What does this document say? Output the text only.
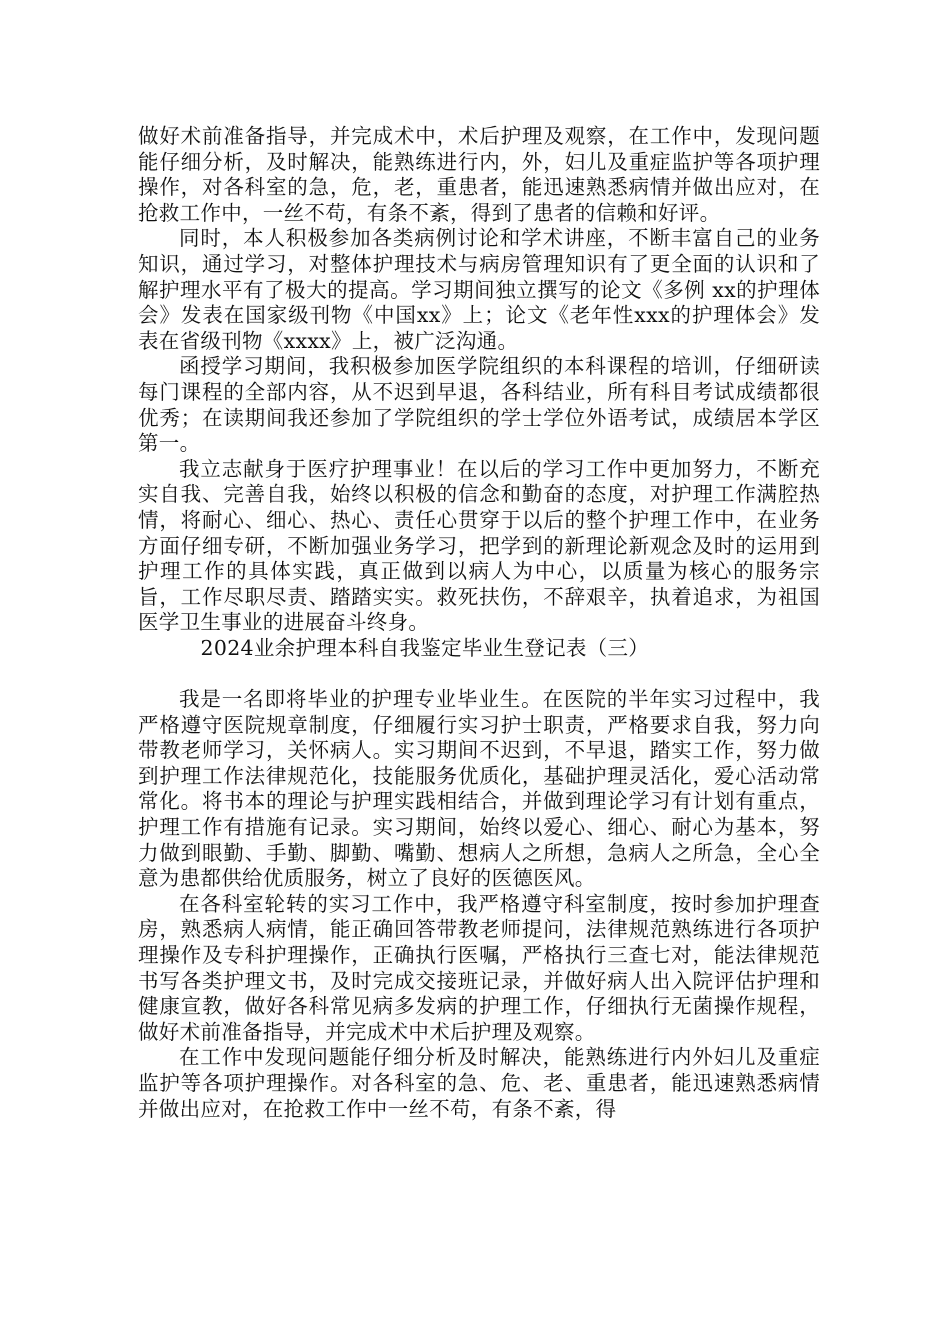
做好术前准备指导，并完成术中，术后护理及观察，在工作中，发现问题能仔细分析，及时解决，能熟练进行内，外，妇儿及重症监护等各项护理操作，对各科室的急，危，老，重患者，能迅速熟悉病情并做出应对，在抢救工作中，一丝不苟，有条不紊，得到了患者的信赖和好评。

同时，本人积极参加各类病例讨论和学术讲座，不断丰富自己的业务知识，通过学习，对整体护理技术与病房管理知识有了更全面的认识和了解护理水平有了极大的提高。学习期间独立撰写的论文《多例 xx的护理体会》发表在国家级刊物《中国xx》上；论文《老年性xxx的护理体会》发表在省级刊物《xxxx》上，被广泛沟通。

函授学习期间，我积极参加医学院组织的本科课程的培训，仔细研读每门课程的全部内容，从不迟到早退，各科结业，所有科目考试成绩都很优秀；在读期间我还参加了学院组织的学士学位外语考试，成绩居本学区第一。

我立志献身于医疗护理事业！在以后的学习工作中更加努力，不断充实自我、完善自我，始终以积极的信念和勤奋的态度，对护理工作满腔热情，将耐心、细心、热心、责任心贯穿于以后的整个护理工作中，在业务方面仔细专研，不断加强业务学习，把学到的新理论新观念及时的运用到护理工作的具体实践，真正做到以病人为中心，以质量为核心的服务宗旨，工作尽职尽责、踏踏实实。救死扶伤，不辞艰辛，执着追求，为祖国医学卫生事业的进展奋斗终身。

2024业余护理本科自我鉴定毕业生登记表（三）

我是一名即将毕业的护理专业毕业生。在医院的半年实习过程中，我严格遵守医院规章制度，仔细履行实习护士职责，严格要求自我，努力向带教老师学习，关怀病人。实习期间不迟到，不早退，踏实工作，努力做到护理工作法律规范化，技能服务优质化，基础护理灵活化，爱心活动常常化。将书本的理论与护理实践相结合，并做到理论学习有计划有重点，护理工作有措施有记录。实习期间，始终以爱心、细心、耐心为基本，努力做到眼勤、手勤、脚勤、嘴勤、想病人之所想，急病人之所急，全心全意为患都供给优质服务，树立了良好的医德医风。

在各科室轮转的实习工作中，我严格遵守科室制度，按时参加护理查房，熟悉病人病情，能正确回答带教老师提问，法律规范熟练进行各项护理操作及专科护理操作，正确执行医嘱，严格执行三查七对，能法律规范书写各类护理文书，及时完成交接班记录，并做好病人出入院评估护理和健康宣教，做好各科常见病多发病的护理工作，仔细执行无菌操作规程，做好术前准备指导，并完成术中术后护理及观察。

在工作中发现问题能仔细分析及时解决，能熟练进行内外妇儿及重症监护等各项护理操作。对各科室的急、危、老、重患者，能迅速熟悉病情并做出应对，在抢救工作中一丝不苟，有条不紊，得
